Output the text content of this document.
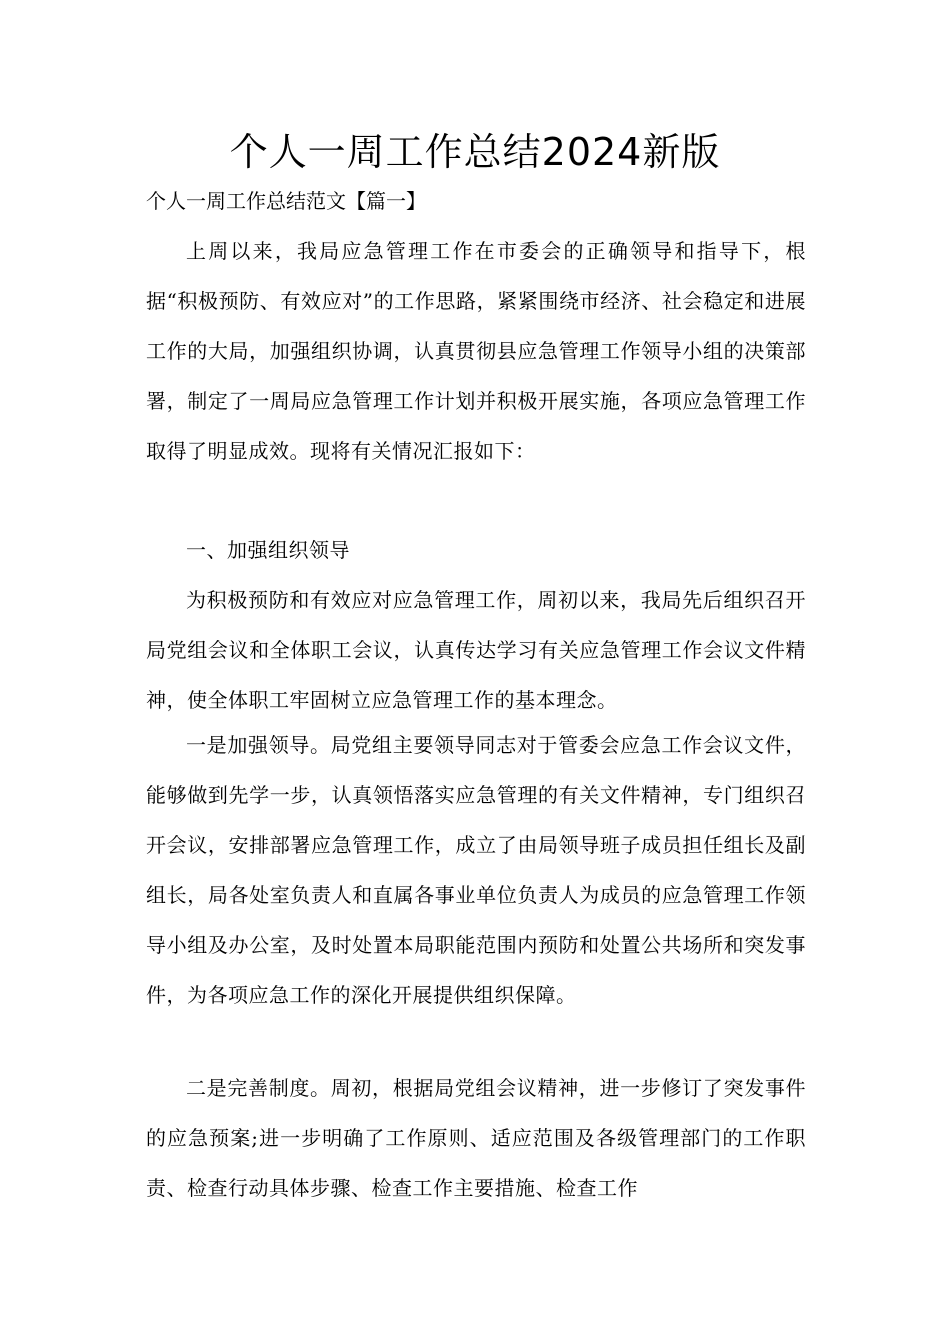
个人一周工作总结2024新版

个人一周工作总结范文【篇一】

上周以来，我局应急管理工作在市委会的正确领导和指导下，根据“积极预防、有效应对”的工作思路，紧紧围绕市经济、社会稳定和进展工作的大局，加强组织协调，认真贯彻县应急管理工作领导小组的决策部署，制定了一周局应急管理工作计划并积极开展实施，各项应急管理工作取得了明显成效。现将有关情况汇报如下：

一、加强组织领导

为积极预防和有效应对应急管理工作，周初以来，我局先后组织召开局党组会议和全体职工会议，认真传达学习有关应急管理工作会议文件精神，使全体职工牢固树立应急管理工作的基本理念。

一是加强领导。局党组主要领导同志对于管委会应急工作会议文件，能够做到先学一步，认真领悟落实应急管理的有关文件精神，专门组织召开会议，安排部署应急管理工作，成立了由局领导班子成员担任组长及副组长，局各处室负责人和直属各事业单位负责人为成员的应急管理工作领导小组及办公室，及时处置本局职能范围内预防和处置公共场所和突发事件，为各项应急工作的深化开展提供组织保障。

二是完善制度。周初，根据局党组会议精神，进一步修订了突发事件的应急预案;进一步明确了工作原则、适应范围及各级管理部门的工作职责、检查行动具体步骤、检查工作主要措施、检查工作
